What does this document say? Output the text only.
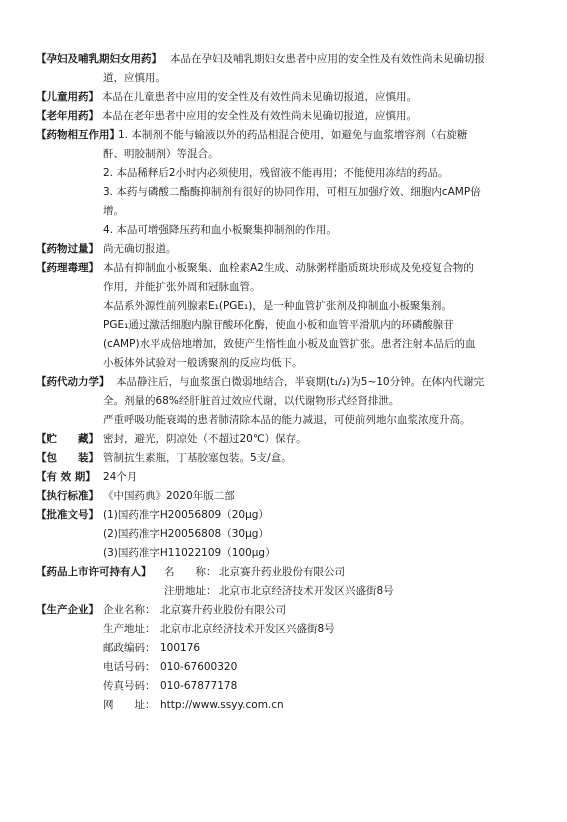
【孕妇及哺乳期妇女用药】 本品在孕妇及哺乳期妇女患者中应用的安全性及有效性尚未见确切报
道，应慎用。
【儿童用药】 本品在儿童患者中应用的安全性及有效性尚未见确切报道，应慎用。
【老年用药】 本品在老年患者中应用的安全性及有效性尚未见确切报道，应慎用。
【药物相互作用】
1. 本制剂不能与输液以外的药品相混合使用，如避免与血浆增容剂（右旋糖
酐、明胶制剂）等混合。
2. 本品稀释后2小时内必须使用，残留液不能再用；不能使用冻结的药品。
3. 本药与磷酸二酯酶抑制剂有很好的协同作用，可相互加强疗效、细胞内cAMP倍
增。
4. 本品可增强降压药和血小板聚集抑制剂的作用。
【药物过量】 尚无确切报道。
【药理毒理】 本品有抑制血小板聚集、血栓素A2生成、动脉粥样脂质斑块形成及免疫复合物的
作用，并能扩张外周和冠脉血管。
本品系外源性前列腺素E₁(PGE₁)，是一种血管扩张剂及抑制血小板聚集剂。
PGE₁通过激活细胞内腺苷酸环化酶，使血小板和血管平滑肌内的环磷酸腺苷
(cAMP)水平成倍地增加，致使产生惰性血小板及血管扩张。患者注射本品后的血
小板体外试验对一般诱聚剂的反应均低下。
【药代动力学】 本品静注后，与血浆蛋白微弱地结合，半衰期(t₁/₂)为5~10分钟。在体内代谢完
全。剂量的68%经肝脏首过效应代谢，以代谢物形式经肾排泄。
严重呼吸功能衰竭的患者肺清除本品的能力减退，可使前列地尔血浆浓度升高。
【贮　　藏】 密封，避光，阴凉处（不超过20℃）保存。
【包　　装】 管制抗生素瓶，丁基胶塞包装。5支/盒。
【有 效 期】 24个月
【执行标准】 《中国药典》2020年版二部
【批准文号】 (1)国药准字H20056809（20μg）
(2)国药准字H20056808（30μg）
(3)国药准字H11022109（100μg）
【药品上市许可持有人】 名　　称： 北京赛升药业股份有限公司
注册地址： 北京市北京经济技术开发区兴盛街8号
【生产企业】 企业名称： 北京赛升药业股份有限公司
生产地址： 北京市北京经济技术开发区兴盛街8号
邮政编码： 100176
电话号码： 010-67600320
传真号码： 010-67877178
网　　址： http://www.ssyy.com.cn
